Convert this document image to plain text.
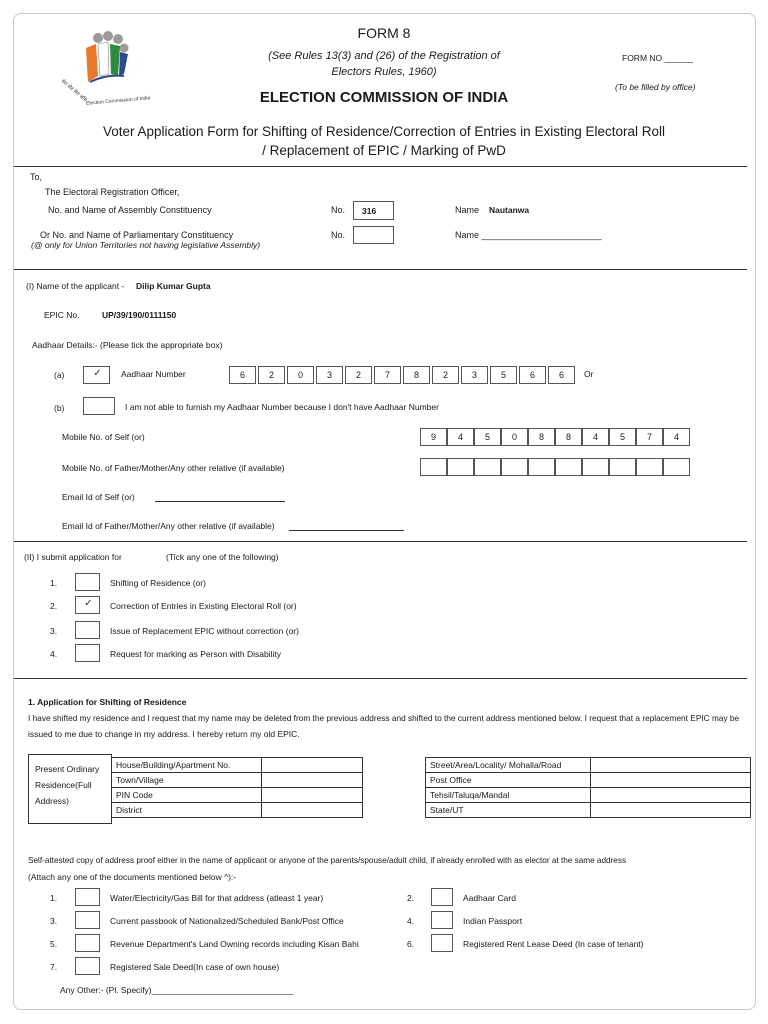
मेरा वोट मेरा अधि
Election Commission of India
FORM 8
(See Rules 13(3) and (26) of the Registration of
Electors Rules, 1960)
ELECTION COMMISSION OF INDIA
FORM NO ______
(To be filled by office)
Voter Application Form for Shifting of Residence/Correction of Entries in Existing Electoral Roll
/ Replacement of EPIC / Marking of PwD
To,
The Electoral Registration Officer,
No. and Name of Assembly Constituency	No.	316	Name Nautanwa
Or No. and Name of Parliamentary Constituency
(@ only for Union Territories not having legislative Assembly)
No.	Name ________________________
(I) Name of the applicant - Dilip Kumar Gupta
EPIC No.	UP/39/190/0111150
Aadhaar Details:- (Please tick the appropriate box)
(a)	✓	Aadhaar Number	6	2	0	3	2	7	8	2	3	5	6	6	Or
(b)	I am not able to furnish my Aadhaar Number because I don't have Aadhaar Number
Mobile No. of Self (or)	9	4	5	0	8	8	4	5	7	4
Mobile No. of Father/Mother/Any other relative (if available)
Email Id of Self (or)
Email Id of Father/Mother/Any other relative (if available)
(II) I submit application for	(Tick any one of the following)
1.	Shifting of Residence (or)
2.	✓	Correction of Entries in Existing Electoral Roll (or)
3.	Issue of Replacement EPIC without correction (or)
4.	Request for marking as Person with Disability
1. Application for Shifting of Residence
I have shifted my residence and I request that my name may be deleted from the previous address and shifted to the current address mentioned below. I request that a replacement EPIC may be
issued to me due to change in my address. I hereby return my old EPIC.
Present Ordinary
Residence(Full
Address)
House/Building/Apartment No.	
Town/Village	
PIN Code	
District	
Street/Area/Locality/ Mohalla/Road	
Post Office	
Tehsil/Taluqa/Mandal	
State/UT	
Self-attested copy of address proof either in the name of applicant or anyone of the parents/spouse/adult child, if already enrolled with as elector at the same address
(Attach any one of the documents mentioned below ^):-
1.	Water/Electricity/Gas Bill for that address (atleast 1 year)
3.	Current passbook of Nationalized/Scheduled Bank/Post Office
5.	Revenue Department's Land Owning records including Kisan Bahi
7.	Registered Sale Deed(In case of own house)
2.	Aadhaar Card
4.	Indian Passport
6.	Registered Rent Lease Deed (In case of tenant)
Any Other:- (Pl. Specify)______________________________
